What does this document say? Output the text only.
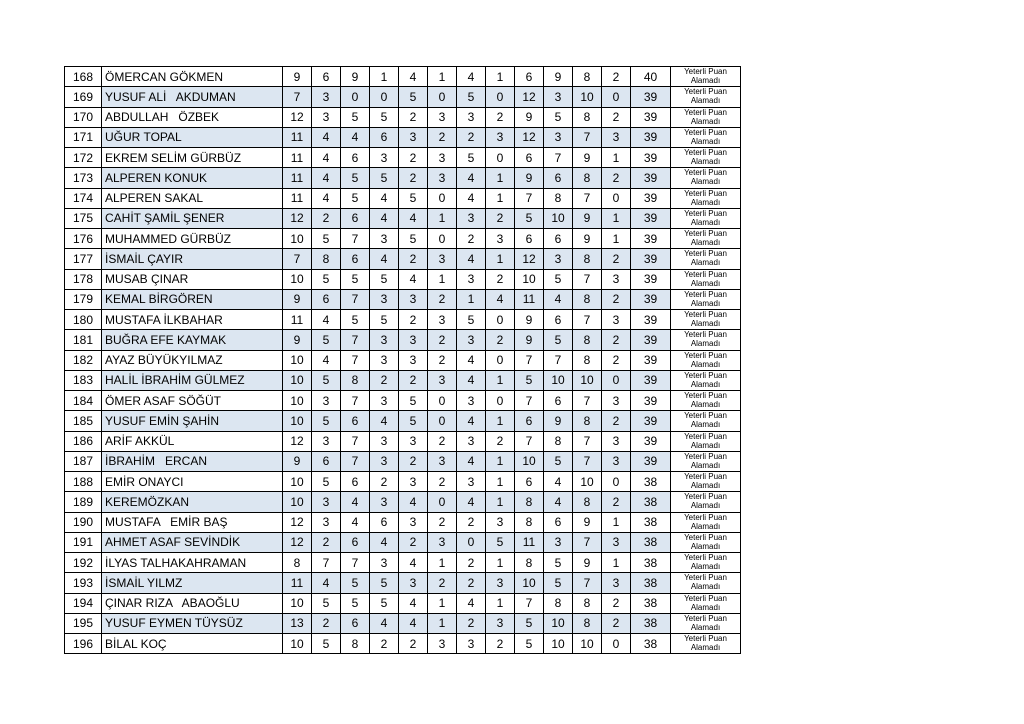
168	ÖMERCAN GÖKMEN	9	6	9	1	4	1	4	1	6	9	8	2	40	Yeterli Puan Alamadı

169	YUSUF ALİ   AKDUMAN	7	3	0	0	5	0	5	0	12	3	10	0	39	Yeterli Puan Alamadı

170	ABDULLAH   ÖZBEK	12	3	5	5	2	3	3	2	9	5	8	2	39	Yeterli Puan Alamadı

171	UĞUR TOPAL	11	4	4	6	3	2	2	3	12	3	7	3	39	Yeterli Puan Alamadı

172	EKREM SELİM GÜRBÜZ	11	4	6	3	2	3	5	0	6	7	9	1	39	Yeterli Puan Alamadı

173	ALPEREN KONUK	11	4	5	5	2	3	4	1	9	6	8	2	39	Yeterli Puan Alamadı

174	ALPEREN SAKAL	11	4	5	4	5	0	4	1	7	8	7	0	39	Yeterli Puan Alamadı

175	CAHİT ŞAMİL ŞENER	12	2	6	4	4	1	3	2	5	10	9	1	39	Yeterli Puan Alamadı

176	MUHAMMED GÜRBÜZ	10	5	7	3	5	0	2	3	6	6	9	1	39	Yeterli Puan Alamadı

177	İSMAİL ÇAYIR	7	8	6	4	2	3	4	1	12	3	8	2	39	Yeterli Puan Alamadı

178	MUSAB ÇINAR	10	5	5	5	4	1	3	2	10	5	7	3	39	Yeterli Puan Alamadı

179	KEMAL BİRGÖREN	9	6	7	3	3	2	1	4	11	4	8	2	39	Yeterli Puan Alamadı

180	MUSTAFA İLKBAHAR	11	4	5	5	2	3	5	0	9	6	7	3	39	Yeterli Puan Alamadı

181	BUĞRA EFE KAYMAK	9	5	7	3	3	2	3	2	9	5	8	2	39	Yeterli Puan Alamadı

182	AYAZ BÜYÜKYILMAZ	10	4	7	3	3	2	4	0	7	7	8	2	39	Yeterli Puan Alamadı

183	HALİL İBRAHİM GÜLMEZ	10	5	8	2	2	3	4	1	5	10	10	0	39	Yeterli Puan Alamadı

184	ÖMER ASAF SÖĞÜT	10	3	7	3	5	0	3	0	7	6	7	3	39	Yeterli Puan Alamadı

185	YUSUF EMİN ŞAHİN	10	5	6	4	5	0	4	1	6	9	8	2	39	Yeterli Puan Alamadı

186	ARİF AKKÜL	12	3	7	3	3	2	3	2	7	8	7	3	39	Yeterli Puan Alamadı

187	İBRAHİM   ERCAN	9	6	7	3	2	3	4	1	10	5	7	3	39	Yeterli Puan Alamadı

188	EMİR ONAYCI	10	5	6	2	3	2	3	1	6	4	10	0	38	Yeterli Puan Alamadı

189	KEREMÖZKAN	10	3	4	3	4	0	4	1	8	4	8	2	38	Yeterli Puan Alamadı

190	MUSTAFA   EMİR BAŞ	12	3	4	6	3	2	2	3	8	6	9	1	38	Yeterli Puan Alamadı

191	AHMET ASAF SEVİNDİK	12	2	6	4	2	3	0	5	11	3	7	3	38	Yeterli Puan Alamadı

192	İLYAS TALHAKAHRAMAN	8	7	7	3	4	1	2	1	8	5	9	1	38	Yeterli Puan Alamadı

193	İSMAİL YILMZ	11	4	5	5	3	2	2	3	10	5	7	3	38	Yeterli Puan Alamadı

194	ÇINAR RIZA   ABAOĞLU	10	5	5	5	4	1	4	1	7	8	8	2	38	Yeterli Puan Alamadı

195	YUSUF EYMEN TÜYSÜZ	13	2	6	4	4	1	2	3	5	10	8	2	38	Yeterli Puan Alamadı

196	BİLAL KOÇ	10	5	8	2	2	3	3	2	5	10	10	0	38	Yeterli Puan Alamadı
